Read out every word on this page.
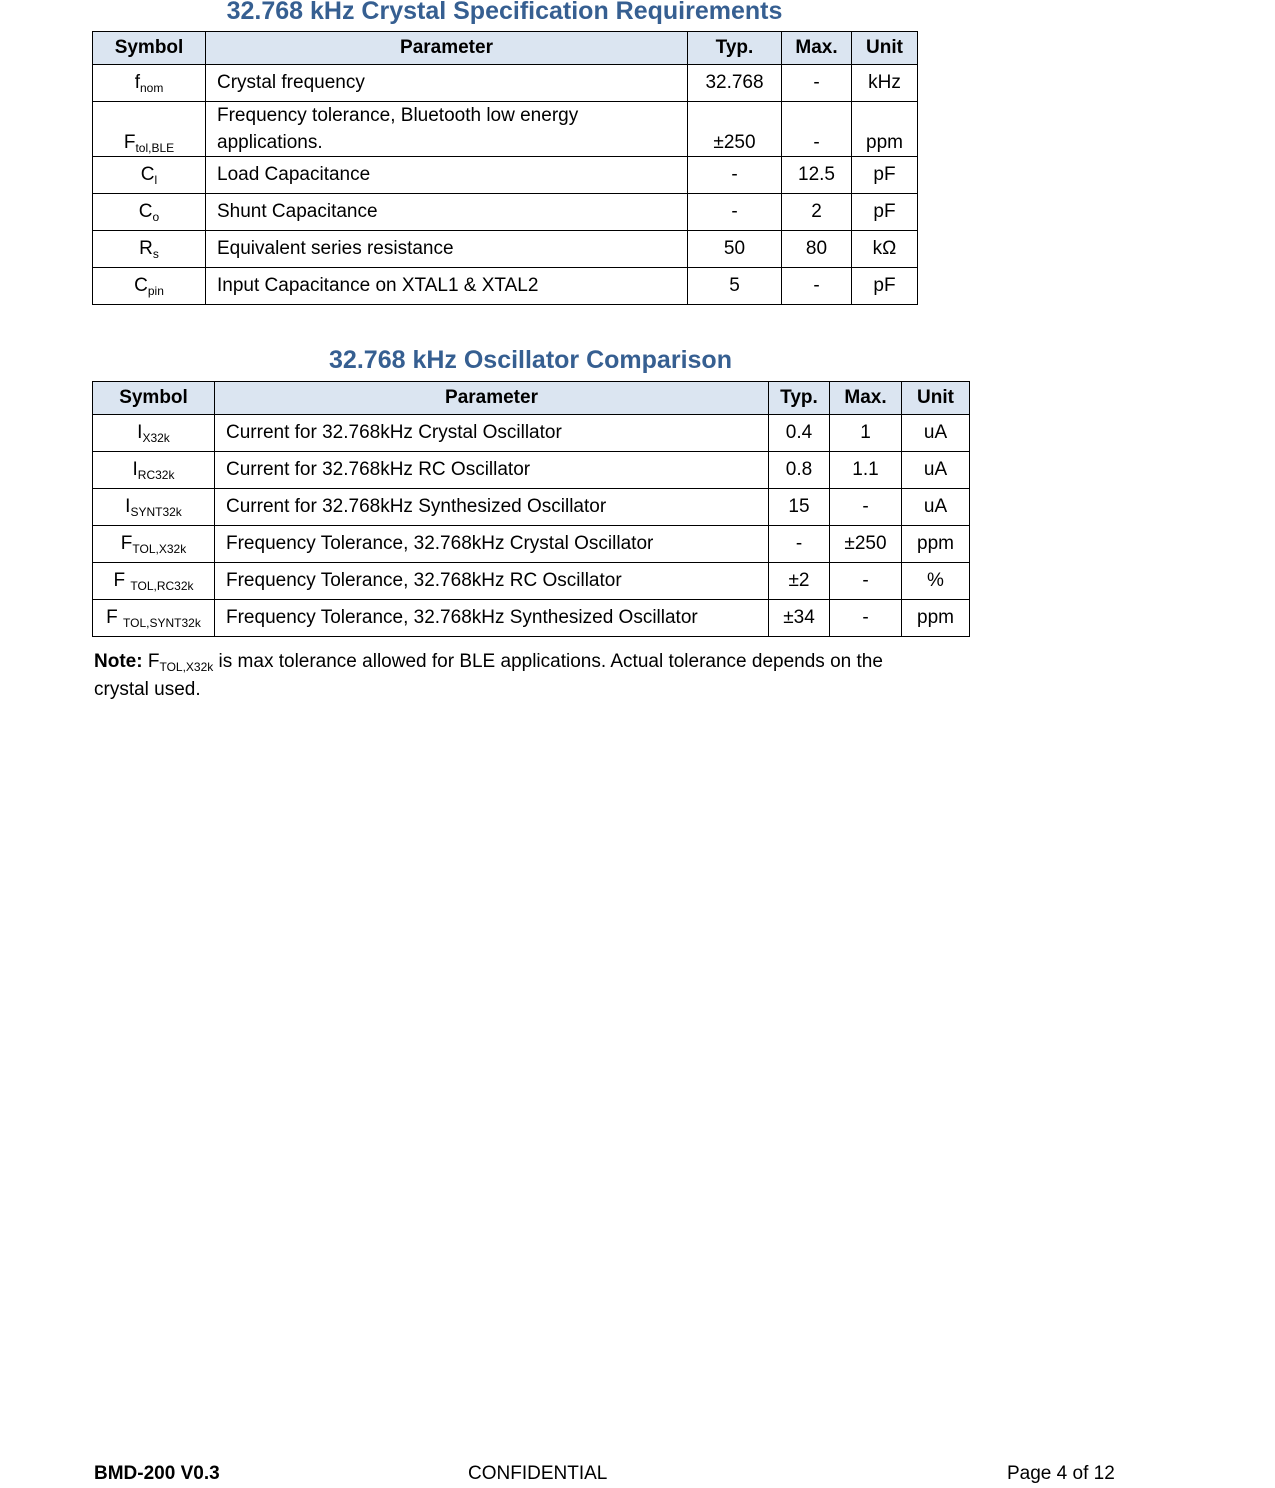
32.768 kHz Crystal Specification Requirements
Symbol	Parameter	Typ.	Max.	Unit
$f_{nom}$	Crystal frequency	32.768	-	kHz
$F_{tol,BLE}$	Frequency tolerance, Bluetooth low energy applications.	±250	-	ppm
$C_l$	Load Capacitance	-	12.5	pF
$C_o$	Shunt Capacitance	-	2	pF
$R_s$	Equivalent series resistance	50	80	kΩ
$C_{pin}$	Input Capacitance on XTAL1 & XTAL2	5	-	pF
32.768 kHz Oscillator Comparison
Symbol	Parameter	Typ.	Max.	Unit
$I_{X32k}$	Current for 32.768kHz Crystal Oscillator	0.4	1	uA
$I_{RC32k}$	Current for 32.768kHz RC Oscillator	0.8	1.1	uA
$I_{SYNT32k}$	Current for 32.768kHz Synthesized Oscillator	15	-	uA
$F_{TOL,X32k}$	Frequency Tolerance, 32.768kHz Crystal Oscillator	-	±250	ppm
F $_{TOL,RC32k}$	Frequency Tolerance, 32.768kHz RC Oscillator	±2	-	%
F $_{TOL,SYNT32k}$	Frequency Tolerance, 32.768kHz Synthesized Oscillator	±34	-	ppm
Note: $F_{TOL,X32k}$ is max tolerance allowed for BLE applications. Actual tolerance depends on the
crystal used.
BMD-200 V0.3	CONFIDENTIAL	Page 4 of 12
